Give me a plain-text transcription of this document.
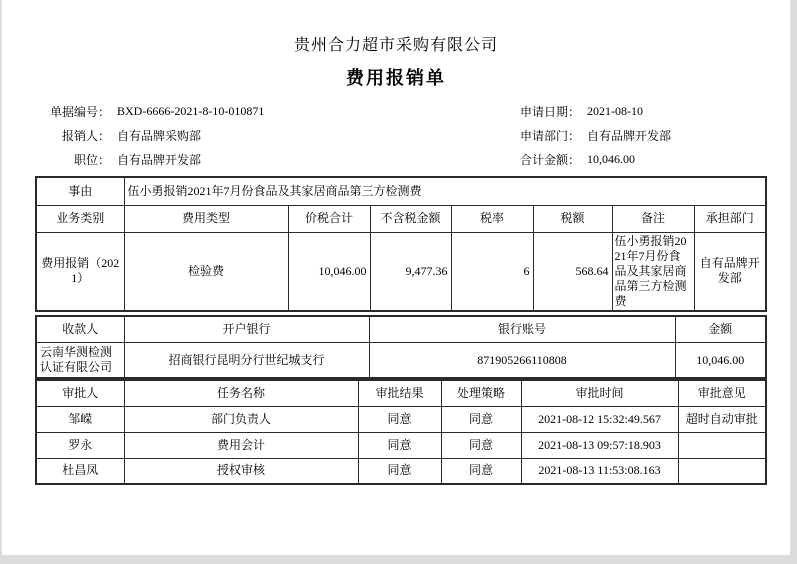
贵州合力超市采购有限公司
费用报销单
单据编号： BXD-6666-2021-8-10-010871	申请日期： 2021-08-10
报销人： 自有品牌采购部	申请部门： 自有品牌开发部
职位： 自有品牌开发部	合计金额： 10,046.00
事由	伍小勇报销2021年7月份食品及其家居商品第三方检测费						
业务类别	费用类型	价税合计	不含税金额	税率	税额	备注	承担部门
费用报销（2021）	检验费	10,046.00	9,477.36	6	568.64	伍小勇报销2021年7月份食品及其家居商品第三方检测费	自有品牌开发部
收款人	开户银行	银行账号	金额
云南华测检测认证有限公司	招商银行昆明分行世纪城支行	871905266110808	10,046.00
审批人	任务名称	审批结果	处理策略	审批时间	审批意见
邹嵘	部门负责人	同意	同意	2021-08-12 15:32:49.567	超时自动审批
罗永	费用会计	同意	同意	2021-08-13 09:57:18.903	
杜昌凤	授权审核	同意	同意	2021-08-13 11:53:08.163	
